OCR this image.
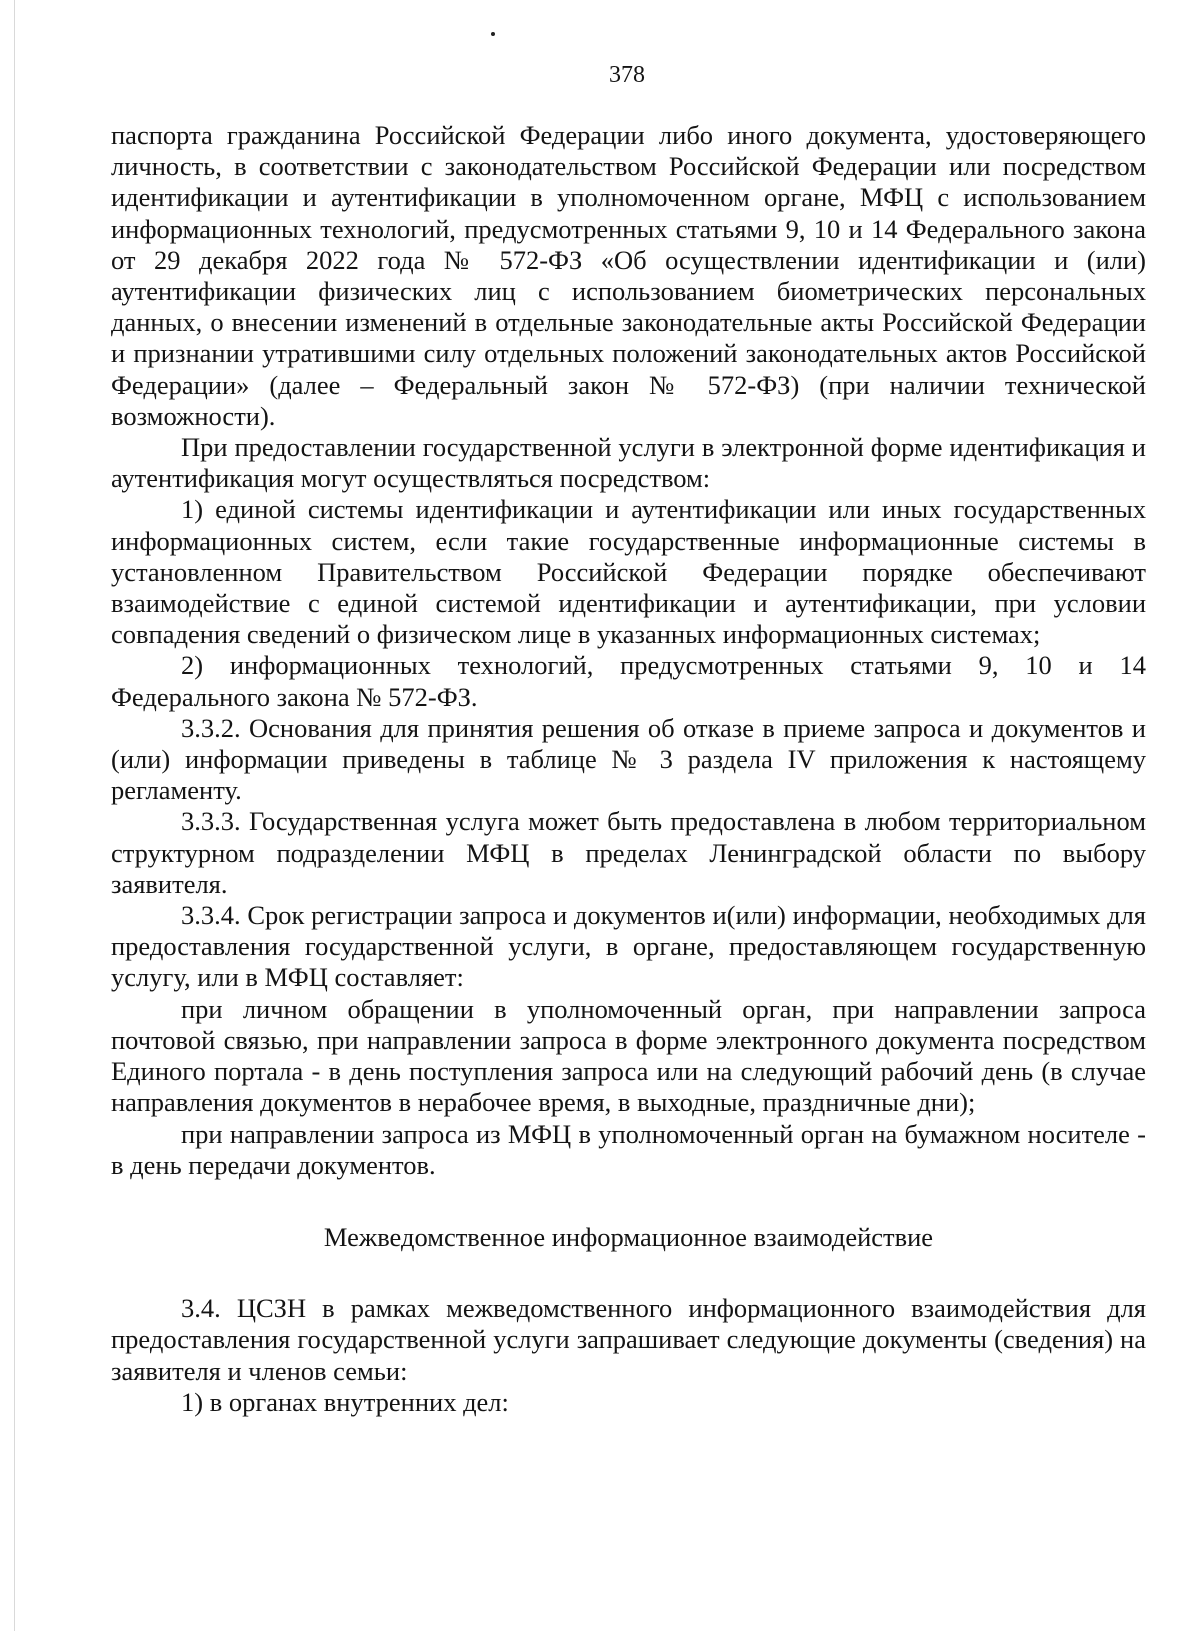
378

паспорта гражданина Российской Федерации либо иного документа, удостоверяющего личность, в соответствии с законодательством Российской Федерации или посредством идентификации и аутентификации в уполномоченном органе, МФЦ с использованием информационных технологий, предусмотренных статьями 9, 10 и 14 Федерального закона от 29 декабря 2022 года № 572-ФЗ «Об осуществлении идентификации и (или) аутентификации физических лиц с использованием биометрических персональных данных, о внесении изменений в отдельные законодательные акты Российской Федерации и признании утратившими силу отдельных положений законодательных актов Российской Федерации» (далее – Федеральный закон № 572-ФЗ) (при наличии технической возможности).

При предоставлении государственной услуги в электронной форме идентификация и аутентификация могут осуществляться посредством:

1) единой системы идентификации и аутентификации или иных государственных информационных систем, если такие государственные информационные системы в установленном Правительством Российской Федерации порядке обеспечивают взаимодействие с единой системой идентификации и аутентификации, при условии совпадения сведений о физическом лице в указанных информационных системах;

2) информационных технологий, предусмотренных статьями 9, 10 и 14 Федерального закона № 572-ФЗ.

3.3.2. Основания для принятия решения об отказе в приеме запроса и документов и (или) информации приведены в таблице № 3 раздела IV приложения к настоящему регламенту.

3.3.3. Государственная услуга может быть предоставлена в любом территориальном структурном подразделении МФЦ в пределах Ленинградской области по выбору заявителя.

3.3.4. Срок регистрации запроса и документов и(или) информации, необходимых для предоставления государственной услуги, в органе, предоставляющем государственную услугу, или в МФЦ составляет:

при личном обращении в уполномоченный орган, при направлении запроса почтовой связью, при направлении запроса в форме электронного документа посредством Единого портала - в день поступления запроса или на следующий рабочий день (в случае направления документов в нерабочее время, в выходные, праздничные дни);

при направлении запроса из МФЦ в уполномоченный орган на бумажном носителе - в день передачи документов.

Межведомственное информационное взаимодействие

3.4. ЦСЗН в рамках межведомственного информационного взаимодействия для предоставления государственной услуги запрашивает следующие документы (сведения) на заявителя и членов семьи:

1) в органах внутренних дел:
